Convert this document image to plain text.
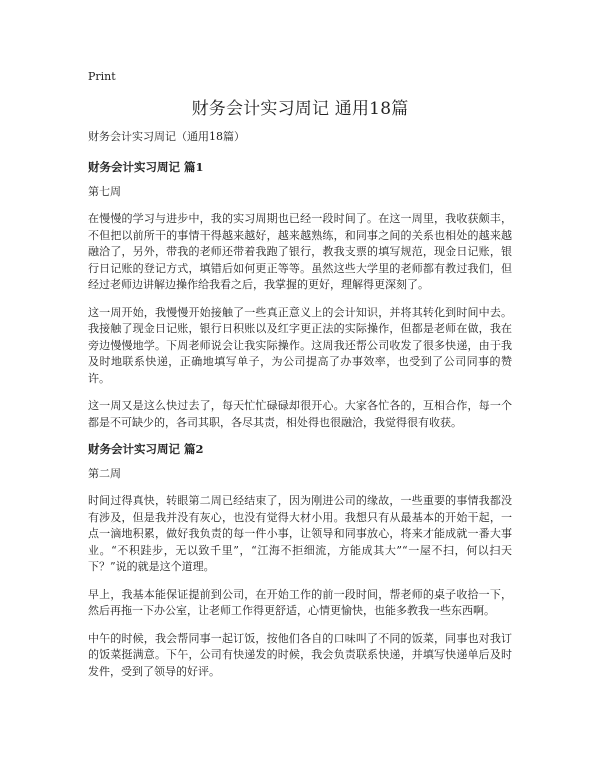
Print
财务会计实习周记 通用18篇
财务会计实习周记（通用18篇）
财务会计实习周记 篇1
第七周

在慢慢的学习与进步中，我的实习周期也已经一段时间了。在这一周里，我收获颇丰，不但把以前所干的事情干得越来越好，越来越熟练，和同事之间的关系也相处的越来越融洽了，另外，带我的老师还带着我跑了银行，教我支票的填写规范，现金日记账，银行日记账的登记方式，填错后如何更正等等。虽然这些大学里的老师都有教过我们，但经过老师边讲解边操作给我看之后，我掌握的更好，理解得更深刻了。

这一周开始，我慢慢开始接触了一些真正意义上的会计知识，并将其转化到时间中去。我接触了现金日记账，银行日积账以及红字更正法的实际操作，但都是老师在做，我在旁边慢慢地学。下周老师说会让我实际操作。这周我还帮公司收发了很多快递，由于我及时地联系快递，正确地填写单子，为公司提高了办事效率，也受到了公司同事的赞许。

这一周又是这么快过去了，每天忙忙碌碌却很开心。大家各忙各的，互相合作，每一个都是不可缺少的，各司其职，各尽其责，相处得也很融洽，我觉得很有收获。

财务会计实习周记 篇2
第二周

时间过得真快，转眼第二周已经结束了，因为刚进公司的缘故，一些重要的事情我都没有涉及，但是我并没有灰心，也没有觉得大材小用。我想只有从最基本的开始干起，一点一滴地积累，做好我负责的每一件小事，让领导和同事放心，将来才能成就一番大事业。“不积跬步，无以致千里”，“江海不拒细流，方能成其大”“一屋不扫，何以扫天下？”说的就是这个道理。

早上，我基本能保证提前到公司，在开始工作的前一段时间，帮老师的桌子收拾一下，然后再拖一下办公室，让老师工作得更舒适，心情更愉快，也能多教我一些东西啊。

中午的时候，我会帮同事一起订饭，按他们各自的口味叫了不同的饭菜，同事也对我订的饭菜挺满意。下午，公司有快递发的时候，我会负责联系快递，并填写快递单后及时发件，受到了领导的好评。
